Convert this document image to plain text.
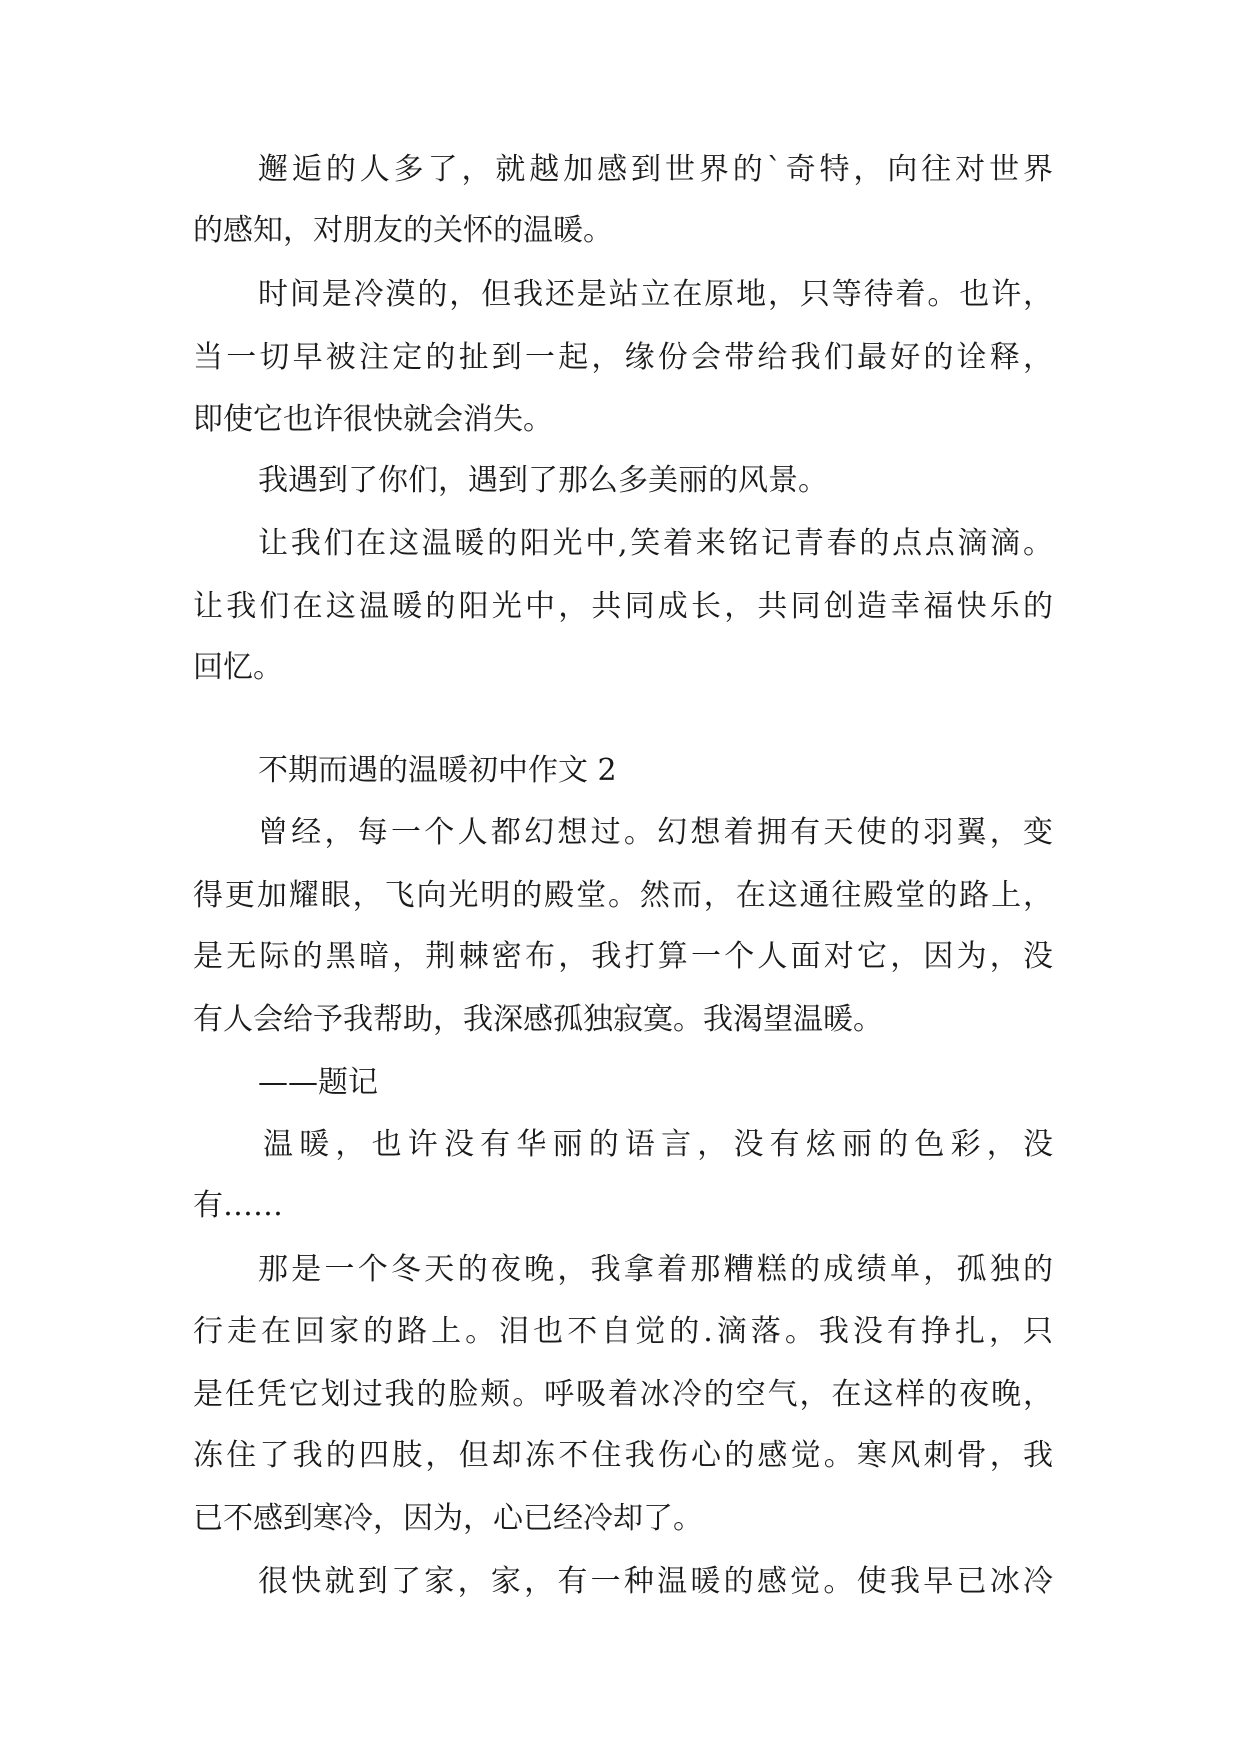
邂逅的人多了，就越加感到世界的`奇特，向往对世界

的感知，对朋友的关怀的温暖。

时间是冷漠的，但我还是站立在原地，只等待着。也许，

当一切早被注定的扯到一起，缘份会带给我们最好的诠释，

即使它也许很快就会消失。

我遇到了你们，遇到了那么多美丽的风景。

让我们在这温暖的阳光中,笑着来铭记青春的点点滴滴。

让我们在这温暖的阳光中，共同成长，共同创造幸福快乐的

回忆。

不期而遇的温暖初中作文 2

曾经，每一个人都幻想过。幻想着拥有天使的羽翼，变

得更加耀眼，飞向光明的殿堂。然而，在这通往殿堂的路上，

是无际的黑暗，荆棘密布，我打算一个人面对它，因为，没

有人会给予我帮助，我深感孤独寂寞。我渴望温暖。

——题记

温暖，也许没有华丽的语言，没有炫丽的色彩，没

有……

那是一个冬天的夜晚，我拿着那糟糕的成绩单，孤独的

行走在回家的路上。泪也不自觉的.滴落。我没有挣扎，只

是任凭它划过我的脸颊。呼吸着冰冷的空气，在这样的夜晚，

冻住了我的四肢，但却冻不住我伤心的感觉。寒风刺骨，我

已不感到寒冷，因为，心已经冷却了。

很快就到了家，家，有一种温暖的感觉。使我早已冰冷
